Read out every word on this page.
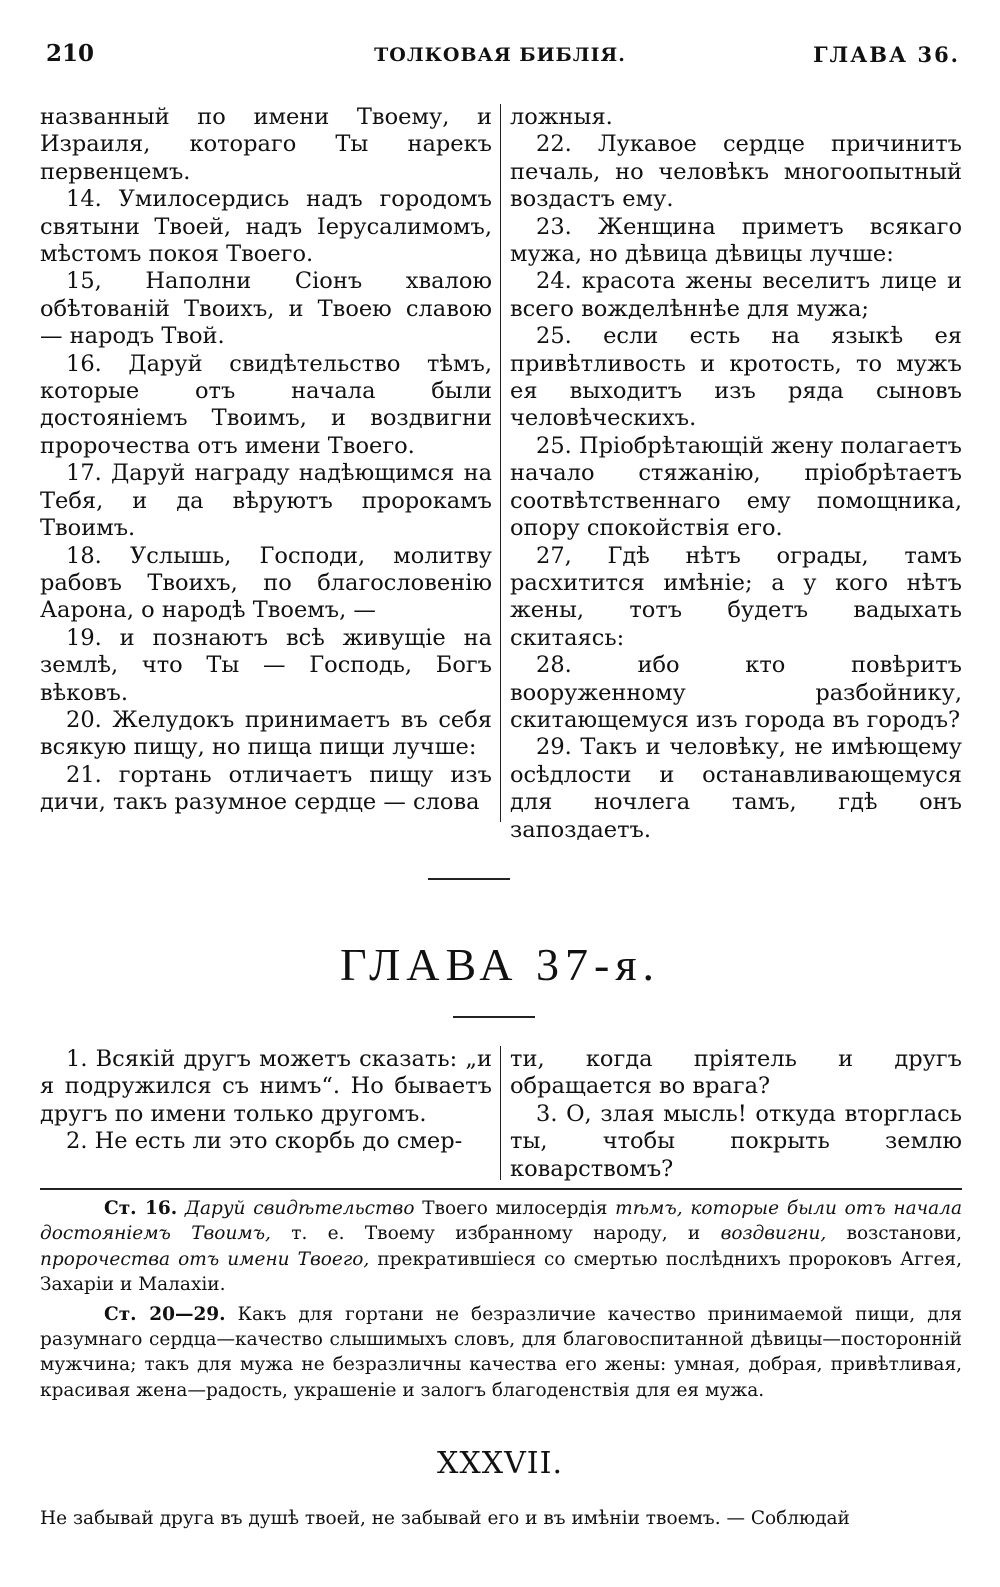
210	ТОЛКОВАЯ БИБЛІЯ.	ГЛАВА 36.

названный по имени Твоему, и Израиля, котораго Ты нарекъ первенцемъ.

14. Умилосердись надъ городомъ святыни Твоей, надъ Іерусалимомъ, мѣстомъ покоя Твоего.

15, Наполни Сіонъ хвалою обѣтованій Твоихъ, и Твоею славою — народъ Твой.

16. Даруй свидѣтельство тѣмъ, которые отъ начала были достояніемъ Твоимъ, и воздвигни пророчества отъ имени Твоего.

17. Даруй награду надѣющимся на Тебя, и да вѣруютъ пророкамъ Твоимъ.

18. Услышь, Господи, молитву рабовъ Твоихъ, по благословенію Аарона, о народѣ Твоемъ, —

19. и познаютъ всѣ живущіе на землѣ, что Ты — Господь, Богъ вѣковъ.

20. Желудокъ принимаетъ въ себя всякую пищу, но пища пищи лучше:

21. гортань отличаетъ пищу изъ дичи, такъ разумное сердце — слова

ложныя.

22. Лукавое сердце причинитъ печаль, но человѣкъ многоопытный воздастъ ему.

23. Женщина приметъ всякаго мужа, но дѣвица дѣвицы лучше:

24. красота жены веселитъ лице и всего вожделѣннѣе для мужа;

25. если есть на языкѣ ея привѣтливость и кротость, то мужъ ея выходитъ изъ ряда сыновъ человѣческихъ.

25. Пріобрѣтающій жену полагаетъ начало стяжанію, пріобрѣтаетъ соотвѣтственнаго ему помощника, опору спокойствія его.

27, Гдѣ нѣтъ ограды, тамъ расхитится имѣніе; а у кого нѣтъ жены, тотъ будетъ вадыхать скитаясь:

28. ибо кто повѣритъ вооруженному разбойнику, скитающемуся изъ города въ городъ?

29. Такъ и человѣку, не имѣющему осѣдлости и останавливающемуся для ночлега тамъ, гдѣ онъ запоздаетъ.

ГЛАВА 37-я.

1. Всякій другъ можетъ сказать: „и я подружился съ нимъ“. Но бываетъ другъ по имени только другомъ.

2. Не есть ли это скорбь до смер-

ти, когда пріятель и другъ обращается во врага?

3. О, злая мысль! откуда вторглась ты, чтобы покрыть землю коварствомъ?

Ст. 16. Даруй свидѣтельство Твоего милосердія тѣмъ, которые были отъ начала достояніемъ Твоимъ, т. е. Твоему избранному народу, и воздвигни, возстанови, пророчества отъ имени Твоего, прекратившіеся со смертью послѣднихъ пророковъ Аггея, Захаріи и Малахіи.

Ст. 20—29. Какъ для гортани не безразличие качество принимаемой пищи, для разумнаго сердца—качество слышимыхъ словъ, для благовоспитанной дѣвицы—посторонній мужчина; такъ для мужа не безразличны качества его жены: умная, добрая, привѣтливая, красивая жена—радость, украшеніе и залогъ благоденствія для ея мужа.

XXXVII.
Не забывай друга въ душѣ твоей, не забывай его и въ имѣніи твоемъ. — Соблюдай
